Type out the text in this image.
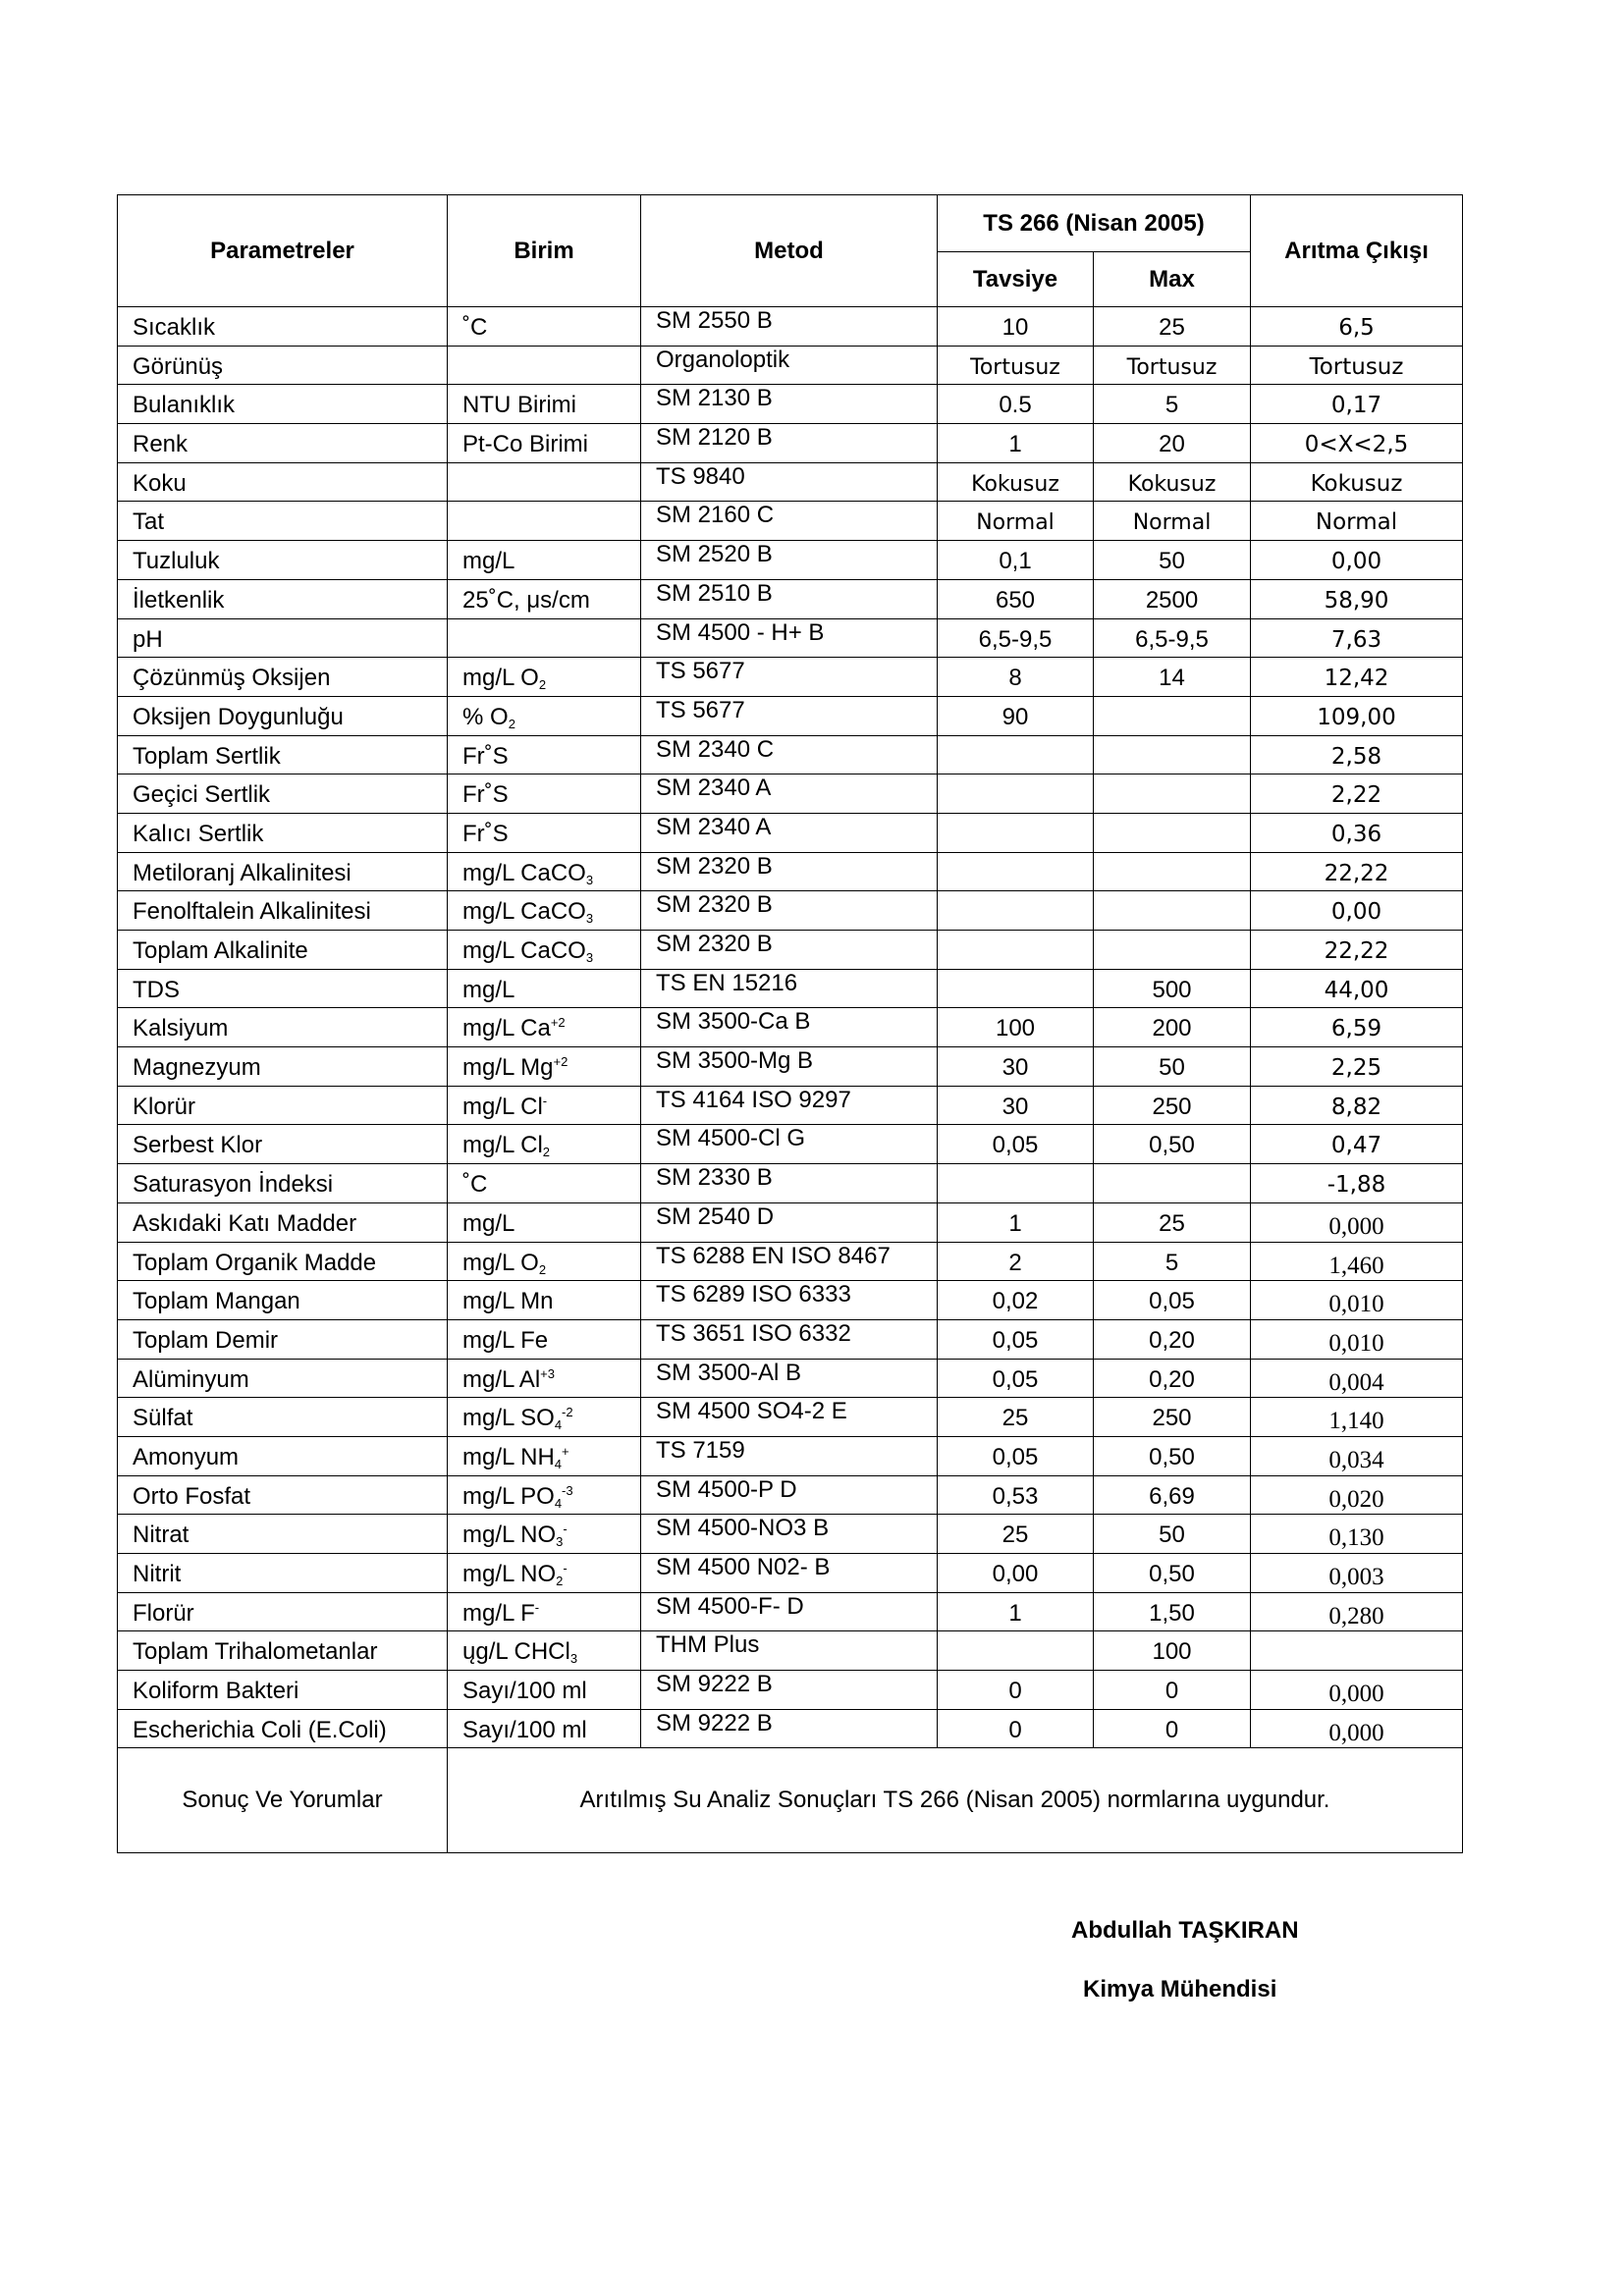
Parametreler	Birim	Metod	TS 266 (Nisan 2005)		Arıtma Çıkışı
			Tavsiye	Max	
Sıcaklık	˚C	SM 2550 B	10	25	6,5
Görünüş		Organoloptik	Tortusuz	Tortusuz	Tortusuz
Bulanıklık	NTU Birimi	SM 2130 B	0.5	5	0,17
Renk	Pt-Co Birimi	SM 2120 B	1	20	0<X<2,5
Koku		TS 9840	Kokusuz	Kokusuz	Kokusuz
Tat		SM 2160 C	Normal	Normal	Normal
Tuzluluk	mg/L	SM 2520 B	0,1	50	0,00
İletkenlik	25˚C, μs/cm	SM 2510 B	650	2500	58,90
pH		SM 4500 - H+ B	6,5-9,5	6,5-9,5	7,63
Çözünmüş Oksijen	mg/L $O_2$	TS 5677	8	14	12,42
Oksijen Doygunluğu	% $O_2$	TS 5677	90		109,00
Toplam Sertlik	Fr˚S	SM 2340 C			2,58
Geçici Sertlik	Fr˚S	SM 2340 A			2,22
Kalıcı Sertlik	Fr˚S	SM 2340 A			0,36
Metiloranj Alkalinitesi	mg/L CaCO$_3$	SM 2320 B			22,22
Fenolftalein Alkalinitesi	mg/L CaCO$_3$	SM 2320 B			0,00
Toplam Alkalinite	mg/L CaCO$_3$	SM 2320 B			22,22
TDS	mg/L	TS EN 15216		500	44,00
Kalsiyum	mg/L $Ca^{+2}$	SM 3500-Ca B	100	200	6,59
Magnezyum	mg/L $Mg^{+2}$	SM 3500-Mg B	30	50	2,25
Klorür	mg/L Cl-	TS 4164 ISO 9297	30	250	8,82
Serbest Klor	mg/L $Cl_2$	SM 4500-Cl G	0,05	0,50	0,47
Saturasyon İndeksi	˚C	SM 2330 B			-1,88
Askıdaki Katı Madder	mg/L	SM 2540 D	1	25	0,000
Toplam Organik Madde	mg/L $O_2$	TS 6288 EN ISO 8467	2	5	1,460
Toplam Mangan	mg/L Mn	TS 6289 ISO 6333	0,02	0,05	0,010
Toplam Demir	mg/L Fe	TS 3651 ISO 6332	0,05	0,20	0,010
Alüminyum	mg/L $Al^{+3}$	SM 3500-Al B	0,05	0,20	0,004
Sülfat	mg/L $SO_4^{-2}$	SM 4500 SO4-2 E	25	250	1,140
Amonyum	mg/L $NH_4^+$	TS 7159	0,05	0,50	0,034
Orto Fosfat	mg/L $PO_4^{-3}$	SM 4500-P D	0,53	6,69	0,020
Nitrat	mg/L $NO_3^-$	SM 4500-NO3 B	25	50	0,130
Nitrit	mg/L $NO_2^-$	SM 4500 N02- B	0,00	0,50	0,003
Florür	mg/L F-	SM 4500-F- D	1	1,50	0,280
Toplam Trihalometanlar	ųg/L CHCl$_3$	THM Plus		100	
Koliform Bakteri	Sayı/100 ml	SM 9222 B	0	0	0,000
Escherichia Coli (E.Coli)	Sayı/100 ml	SM 9222 B	0	0	0,000
Sonuç Ve Yorumlar	Arıtılmış Su Analiz Sonuçları TS 266 (Nisan 2005) normlarına uygundur.				
Abdullah TAŞKIRAN
Kimya Mühendisi
